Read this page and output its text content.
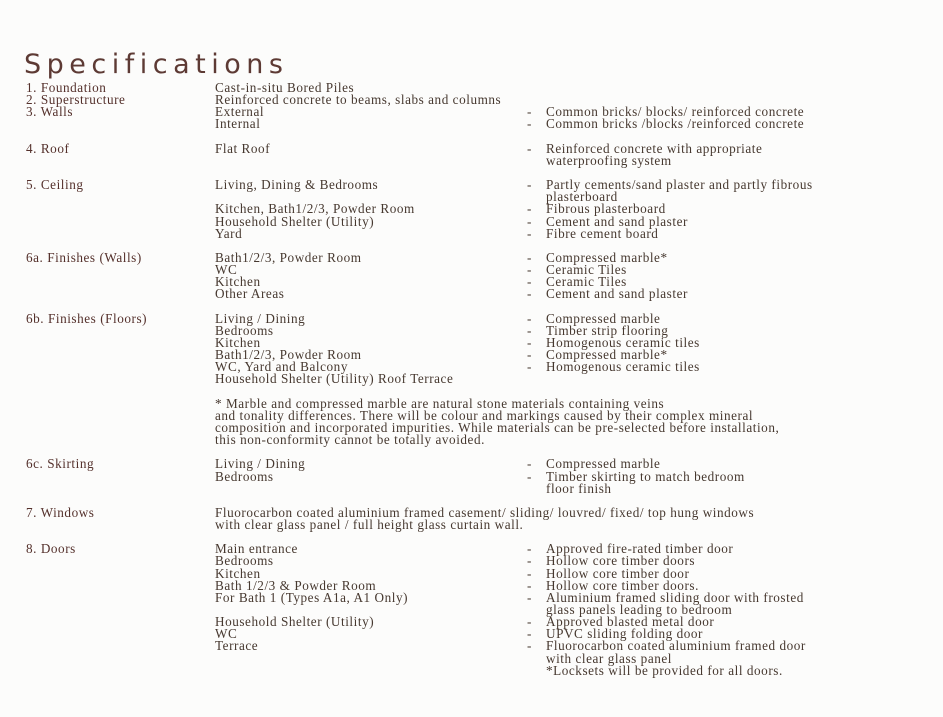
Specifications
1. Foundation	Cast-in-situ Bored Piles
2. Superstructure	Reinforced concrete to beams, slabs and columns
3. Walls	External	- Common bricks/ blocks/ reinforced concrete
Internal	- Common bricks /blocks /reinforced concrete
4. Roof	Flat Roof	- Reinforced concrete with appropriate
waterproofing system
5. Ceiling	Living, Dining & Bedrooms	- Partly cements/sand plaster and partly fibrous
plasterboard
Kitchen, Bath1/2/3, Powder Room	- Fibrous plasterboard
Household Shelter (Utility)	- Cement and sand plaster
Yard	- Fibre cement board
6a. Finishes (Walls)	Bath1/2/3, Powder Room	- Compressed marble*
WC	- Ceramic Tiles
Kitchen	- Ceramic Tiles
Other Areas	- Cement and sand plaster
6b. Finishes (Floors)	Living / Dining	- Compressed marble
Bedrooms	- Timber strip flooring
Kitchen	- Homogenous ceramic tiles
Bath1/2/3, Powder Room	- Compressed marble*
WC, Yard and Balcony	- Homogenous ceramic tiles
Household Shelter (Utility) Roof Terrace
* Marble and compressed marble are natural stone materials containing veins
and tonality differences. There will be colour and markings caused by their complex mineral
composition and incorporated impurities. While materials can be pre-selected before installation,
this non-conformity cannot be totally avoided.
6c. Skirting	Living / Dining	- Compressed marble
Bedrooms	- Timber skirting to match bedroom
floor finish
7. Windows	Fluorocarbon coated aluminium framed casement/ sliding/ louvred/ fixed/ top hung windows
with clear glass panel / full height glass curtain wall.
8. Doors	Main entrance	- Approved fire-rated timber door
Bedrooms	- Hollow core timber doors
Kitchen	- Hollow core timber door
Bath 1/2/3 & Powder Room	- Hollow core timber doors.
For Bath 1 (Types A1a, A1 Only)	- Aluminium framed sliding door with frosted
glass panels leading to bedroom
Household Shelter (Utility)	- Approved blasted metal door
WC	- UPVC sliding folding door
Terrace	- Fluorocarbon coated aluminium framed door
with clear glass panel
*Locksets will be provided for all doors.
